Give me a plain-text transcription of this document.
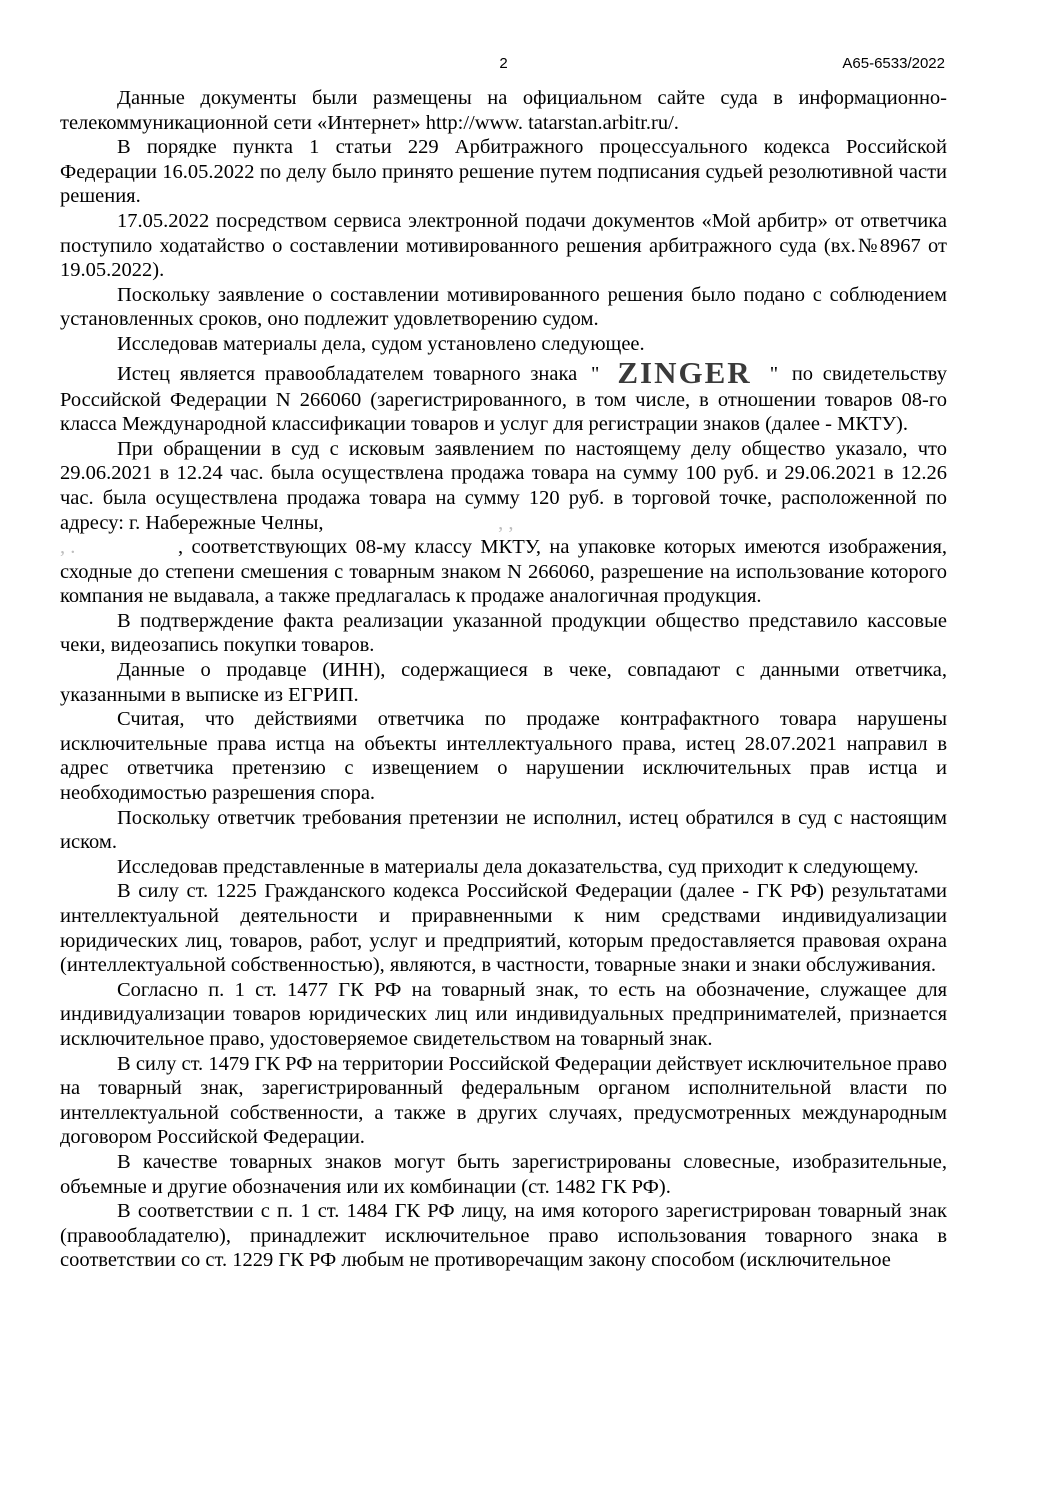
2	А65-6533/2022

Данные документы были размещены на официальном сайте суда в информационно-телекоммуникационной сети «Интернет» http://www. tatarstan.arbitr.ru/.

В порядке пункта 1 статьи 229 Арбитражного процессуального кодекса Российской Федерации 16.05.2022 по делу было принято решение путем подписания судьей резолютивной части решения.

17.05.2022 посредством сервиса электронной подачи документов «Мой арбитр» от ответчика поступило ходатайство о составлении мотивированного решения арбитражного суда (вх.№8967 от 19.05.2022).

Поскольку заявление о составлении мотивированного решения было подано с соблюдением установленных сроков, оно подлежит удовлетворению судом.

Исследовав материалы дела, судом установлено следующее.

Истец является правообладателем товарного знака " ZINGER " по свидетельству Российской Федерации N 266060 (зарегистрированного, в том числе, в отношении товаров 08-го класса Международной классификации товаров и услуг для регистрации знаков (далее - МКТУ).

При обращении в суд с исковым заявлением по настоящему делу общество указало, что 29.06.2021 в 12.24 час. была осуществлена продажа товара на сумму 100 руб. и 29.06.2021 в 12.26 час. была осуществлена продажа товара на сумму 120 руб. в торговой точке, расположенной по адресу: г. Набережные Челны,	, ,

, .	, соответствующих 08-му классу МКТУ, на упаковке которых имеются изображения, сходные до степени смешения с товарным знаком N 266060, разрешение на использование которого компания не выдавала, а также предлагалась к продаже аналогичная продукция.

В подтверждение факта реализации указанной продукции общество представило кассовые чеки, видеозапись покупки товаров.

Данные о продавце (ИНН), содержащиеся в чеке, совпадают с данными ответчика, указанными в выписке из ЕГРИП.

Считая, что действиями ответчика по продаже контрафактного товара нарушены исключительные права истца на объекты интеллектуального права, истец 28.07.2021 направил в адрес ответчика претензию с извещением о нарушении исключительных прав истца и необходимостью разрешения спора.

Поскольку ответчик требования претензии не исполнил, истец обратился в суд с настоящим иском.

Исследовав представленные в материалы дела доказательства, суд приходит к следующему.

В силу ст. 1225 Гражданского кодекса Российской Федерации (далее - ГК РФ) результатами интеллектуальной деятельности и приравненными к ним средствами индивидуализации юридических лиц, товаров, работ, услуг и предприятий, которым предоставляется правовая охрана (интеллектуальной собственностью), являются, в частности, товарные знаки и знаки обслуживания.

Согласно п. 1 ст. 1477 ГК РФ на товарный знак, то есть на обозначение, служащее для индивидуализации товаров юридических лиц или индивидуальных предпринимателей, признается исключительное право, удостоверяемое свидетельством на товарный знак.

В силу ст. 1479 ГК РФ на территории Российской Федерации действует исключительное право на товарный знак, зарегистрированный федеральным органом исполнительной власти по интеллектуальной собственности, а также в других случаях, предусмотренных международным договором Российской Федерации.

В качестве товарных знаков могут быть зарегистрированы словесные, изобразительные, объемные и другие обозначения или их комбинации (ст. 1482 ГК РФ).

В соответствии с п. 1 ст. 1484 ГК РФ лицу, на имя которого зарегистрирован товарный знак (правообладателю), принадлежит исключительное право использования товарного знака в соответствии со ст. 1229 ГК РФ любым не противоречащим закону способом (исключительное
